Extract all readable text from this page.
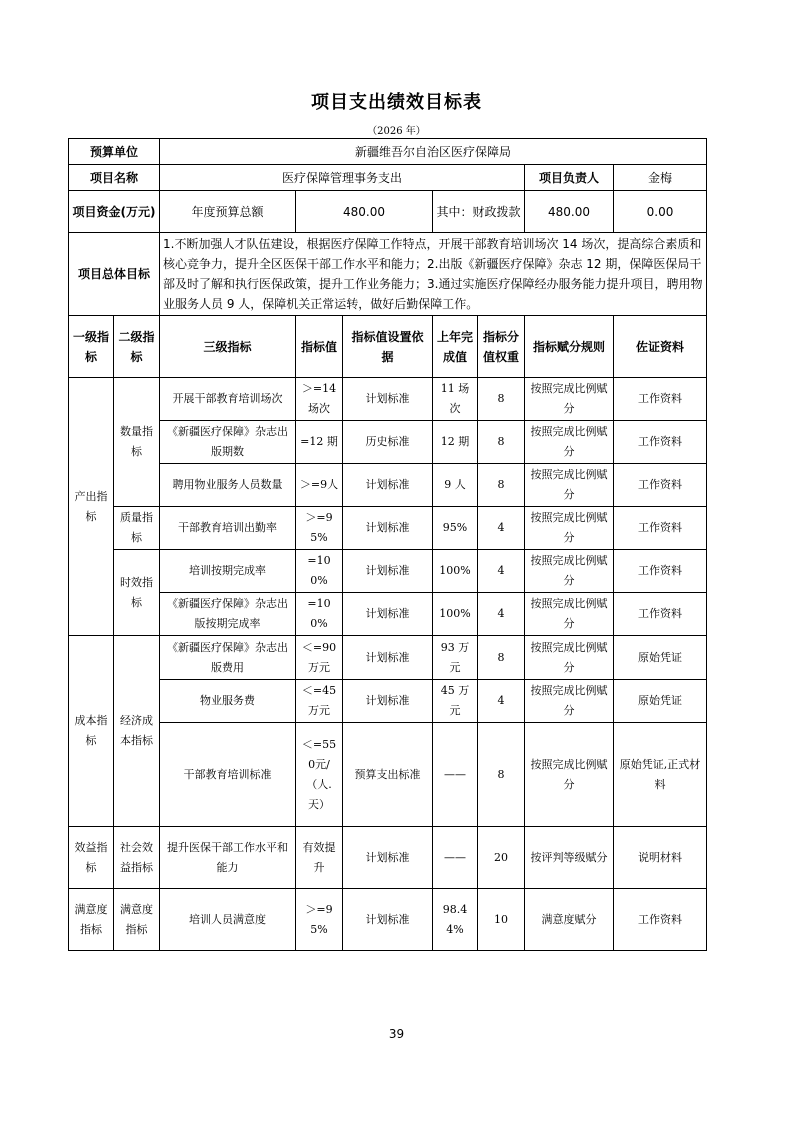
项目支出绩效目标表
（2026 年）
预算单位		新疆维吾尔自治区医疗保障局						
项目名称		医疗保障管理事务支出					项目负责人	金梅
项目资金(万元)		年度预算总额	480.00		其中：财政拨款		480.00	0.00
项目总体目标		1.不断加强人才队伍建设，根据医疗保障工作特点，开展干部教育培训场次 14 场次，提高综合素质和核心竞争力，提升全区医保干部工作水平和能力；2.出版《新疆医疗保障》杂志 12 期，保障医保局干部及时了解和执行医保政策，提升工作业务能力；3.通过实施医疗保障经办服务能力提升项目，聘用物业服务人员 9 人，保障机关正常运转，做好后勤保障工作。						
一级指标	二级指标	三级指标	指标值	指标值设置依据	上年完成值	指标分值权重	指标赋分规则	佐证资料
产出指标	数量指标	开展干部教育培训场次	＞=14场次	计划标准	11 场次	8	按照完成比例赋分	工作资料
		《新疆医疗保障》杂志出版期数	=12 期	历史标准	12 期	8	按照完成比例赋分	工作资料
		聘用物业服务人员数量	＞=9人	计划标准	9 人	8	按照完成比例赋分	工作资料
	质量指标	干部教育培训出勤率	＞=95%	计划标准	95%	4	按照完成比例赋分	工作资料
	时效指标	培训按期完成率	=100%	计划标准	100%	4	按照完成比例赋分	工作资料
		《新疆医疗保障》杂志出版按期完成率	=100%	计划标准	100%	4	按照完成比例赋分	工作资料
成本指标	经济成本指标	《新疆医疗保障》杂志出版费用	＜=90万元	计划标准	93 万元	8	按照完成比例赋分	原始凭证
		物业服务费	＜=45万元	计划标准	45 万元	4	按照完成比例赋分	原始凭证
		干部教育培训标准	＜=550元/（人.天）	预算支出标准	——	8	按照完成比例赋分	原始凭证,正式材料
效益指标	社会效益指标	提升医保干部工作水平和能力	有效提升	计划标准	——	20	按评判等级赋分	说明材料
满意度指标	满意度指标	培训人员满意度	＞=95%	计划标准	98.44%	10	满意度赋分	工作资料
39
